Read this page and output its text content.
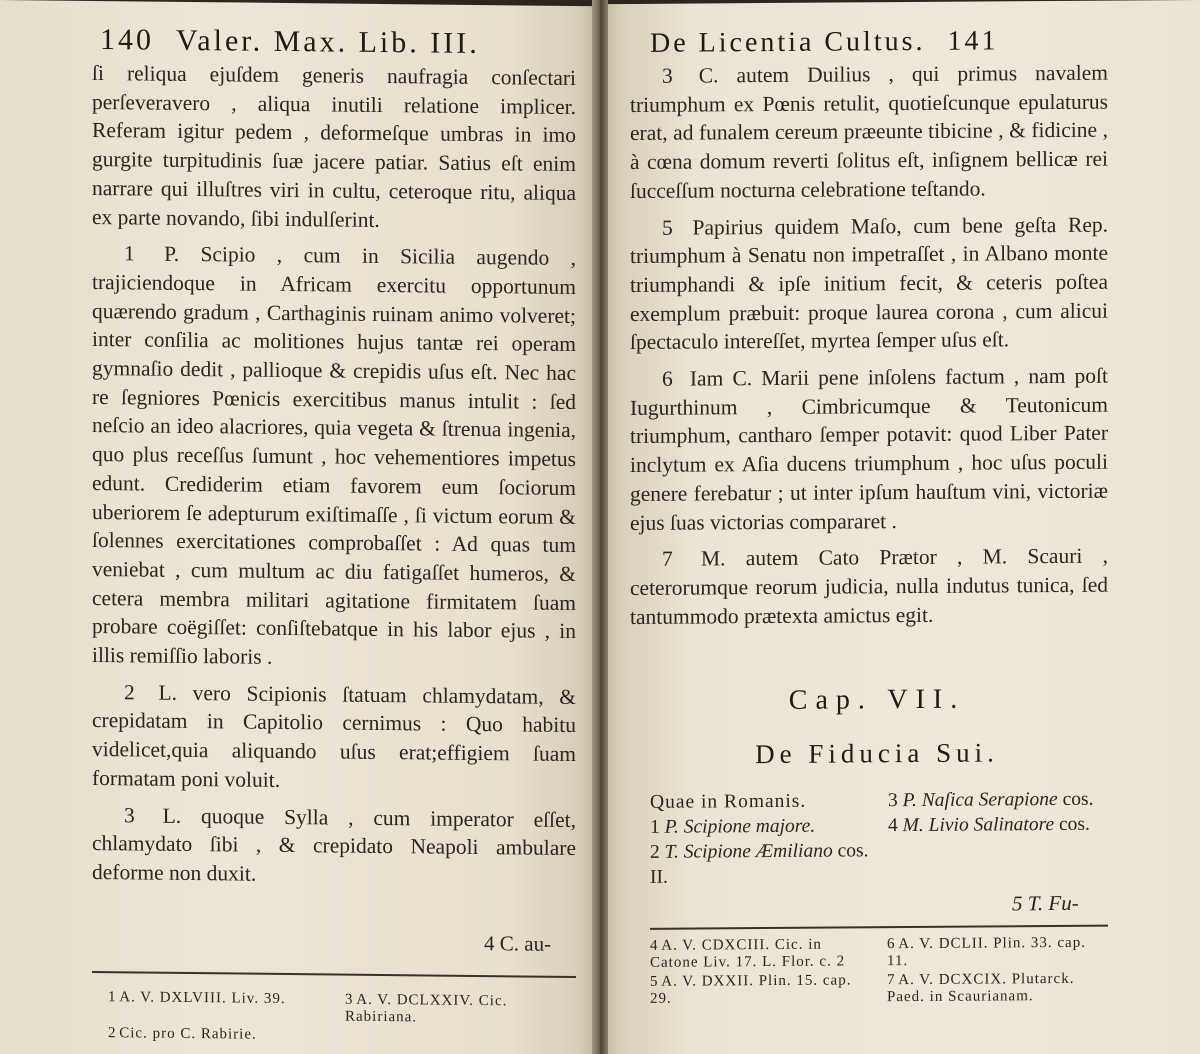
140 Valer. Max. Lib. III.

ſi reliqua ejuſdem generis naufragia conſectari perſeveravero , aliqua inutili relatione implicer. Referam igitur pedem , deformeſque umbras in imo gurgite turpitudinis ſuæ jacere patiar. Satius eſt enim narrare qui illuſtres viri in cultu, ceteroque ritu, aliqua ex parte novando, ſibi indulſerint.

1 P. Scipio , cum in Sicilia augendo , trajiciendoque in Africam exercitu opportunum quærendo gradum , Carthaginis ruinam animo volveret; inter conſilia ac molitiones hujus tantæ rei operam gymnaſio dedit , pallioque & crepidis uſus eſt. Nec hac re ſegniores Pœnicis exercitibus manus intulit : ſed neſcio an ideo alacriores, quia vegeta & ſtrenua ingenia, quo plus receſſus ſumunt , hoc vehementiores impetus edunt. Crediderim etiam favorem eum ſociorum uberiorem ſe adepturum exiſtimaſſe , ſi victum eorum & ſolennes exercitationes comprobaſſet : Ad quas tum veniebat , cum multum ac diu fatigaſſet humeros, & cetera membra militari agitatione firmitatem ſuam probare coëgiſſet: conſiſtebatque in his labor ejus , in illis remiſſio laboris .

2 L. vero Scipionis ſtatuam chlamydatam, & crepidatam in Capitolio cernimus : Quo habitu videlicet,quia aliquando uſus erat;effigiem ſuam formatam poni voluit.

3 L. quoque Sylla , cum imperator eſſet, chlamydato ſibi , & crepidato Neapoli ambulare deforme non duxit.

4 C. au-

1 A. V. DXLVIII. Liv. 39.	3 A. V. DCLXXIV. Cic. Rabiriana.

2 Cic. pro C. Rabirie.

De Licentia Cultus. 141

3 C. autem Duilius , qui primus navalem triumphum ex Pœnis retulit, quotieſcunque epulaturus erat, ad funalem cereum præeunte tibicine , & fidicine , à cœna domum reverti ſolitus eſt, inſignem bellicæ rei ſucceſſum nocturna celebratione teſtando.

5 Papirius quidem Maſo, cum bene geſta Rep. triumphum à Senatu non impetraſſet , in Albano monte triumphandi & ipſe initium fecit, & ceteris poſtea exemplum præbuit: proque laurea corona , cum alicui ſpectaculo intereſſet, myrtea ſemper uſus eſt.

6 Iam C. Marii pene inſolens factum , nam poſt Iugurthinum , Cimbricumque & Teutonicum triumphum, cantharo ſemper potavit: quod Liber Pater inclytum ex Aſia ducens triumphum , hoc uſus poculi genere ferebatur ; ut inter ipſum hauſtum vini, victoriæ ejus ſuas victorias compararet .

7 M. autem Cato Prætor , M. Scauri , ceterorumque reorum judicia, nulla indutus tunica, ſed tantummodo prætexta amictus egit.

Cap. VII.
De Fiducia Sui.

Quae in Romanis.

1 P. Scipione majore.

2 T. Scipione Æmiliano cos. II.

3 P. Naſica Serapione cos.

4 M. Livio Salinatore cos.

5 T. Fu-

4 A. V. CDXCIII. Cic. in Catone Liv. 17. L. Flor. c. 2

6 A. V. DCLII. Plin. 33. cap. 11.

5 A. V. DXXII. Plin. 15. cap. 29.

7 A. V. DCXCIX. Plutarck. Paed. in Scaurianam.
